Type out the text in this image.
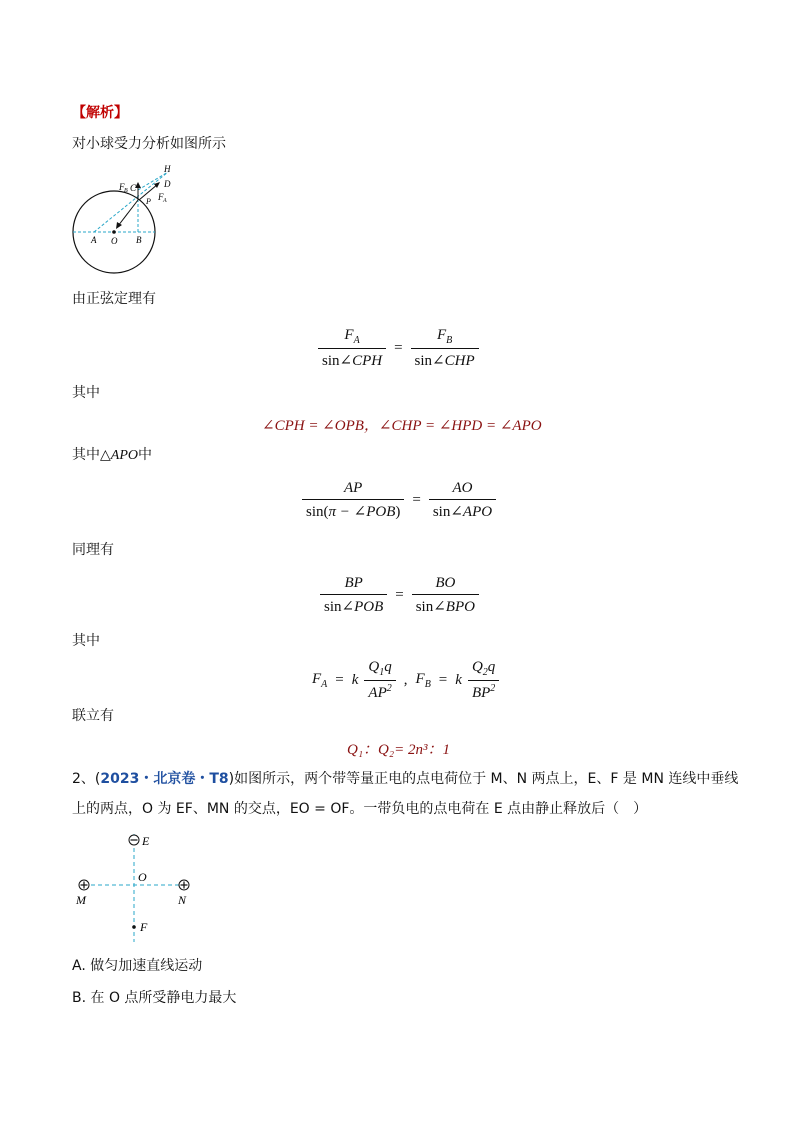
【解析】
对小球受力分析如图所示
H
D
F B C
P F A
A O B
由正弦定理有
$\frac{F_A}{\text{sin∠CPH}} = \frac{F_B}{\text{sin∠CHP}}$
其中
∠CPH = ∠OPB，∠CHP = ∠HPD = ∠APO
其中△APO中
$\frac{AP}{\text{sin(π − ∠POB)}} = \frac{AO}{\text{sin∠APO}}$
同理有
$\frac{BP}{\text{sin∠POB}} = \frac{BO}{\text{sin∠BPO}}$
其中
$F_A = k \frac{Q_1q}{AP^2}$ , $F_B = k \frac{Q_2q}{BP^2}$
联立有
Q₁：Q₂= 2n³：1
2、(2023・北京卷・T8)如图所示，两个带等量正电的点电荷位于 M、N 两点上，E、F 是 MN 连线中垂线
上的两点，O 为 EF、MN 的交点，EO = OF。一带负电的点电荷在 E 点由静止释放后（　）
E
O
M	N
F
A. 做匀加速直线运动
B. 在 O 点所受静电力最大
